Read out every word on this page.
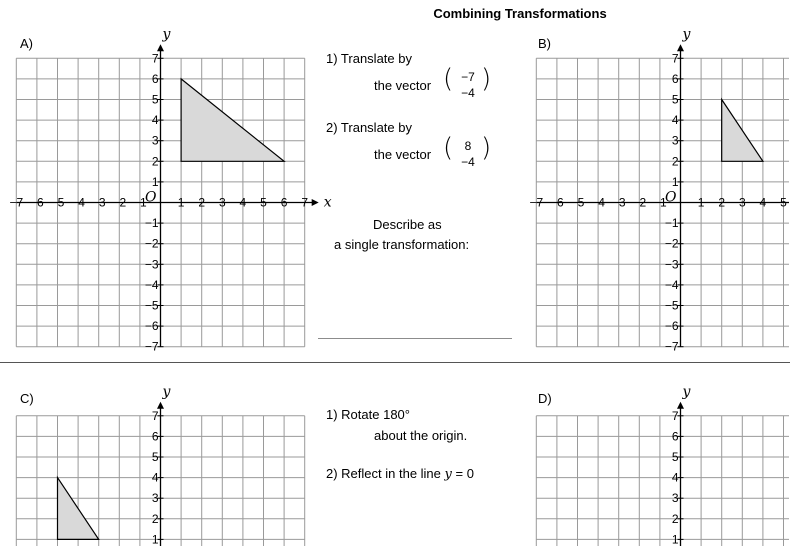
Combining Transformations
A)	B)
C)	D)
1) Translate by
the vector ( −7
−4 )
2) Translate by
the vector ( 8
−4 )
Describe as
a single transformation:
1) Rotate 180°
about the origin.
2) Reflect in the line y = 0
x
y
−7
−6
−5
−4
−3
−2
−1
1
2
3
4
5
6
7
−7 −6 −5 −4 −3 −2 −1	1 2 3 4 5 6 7
O
y
−7
−6
−5
−4
−3
−2
−1
1
2
3
4
5
6
7
−7 −6 −5 −4 −3 −2 −1	1 2 3 4 5
O
y
1
2
3
4
5
6
7
y
1
2
3
4
5
6
7
